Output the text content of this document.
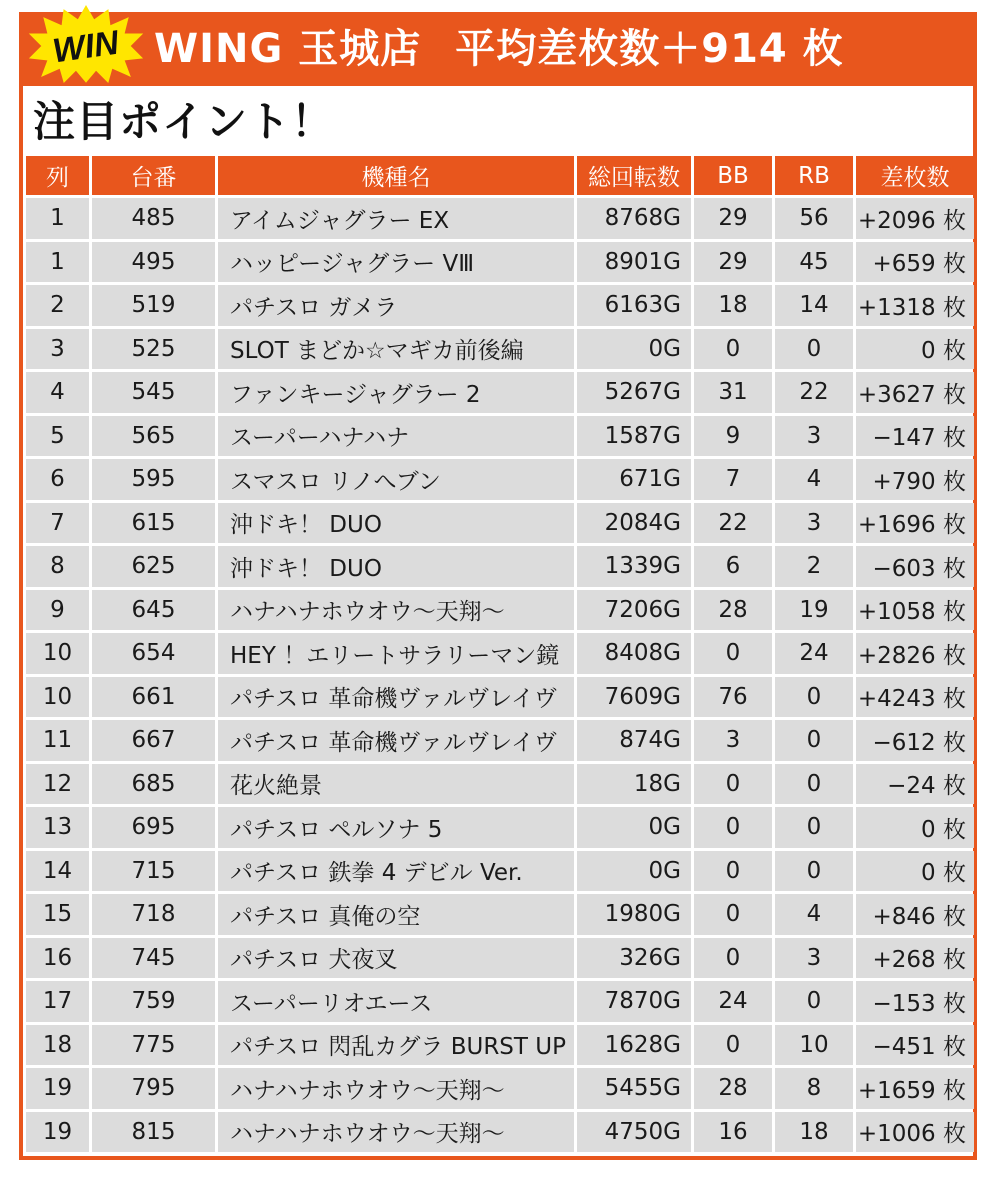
WING 玉城店 平均差枚数＋914 枚
WIN
注目ポイント！
列	台番	機種名	総回転数	BB	RB	差枚数
1	485	アイムジャグラー EX	8768G	29	56	+2096 枚
1	495	ハッピージャグラー VⅢ	8901G	29	45	+659 枚
2	519	パチスロ ガメラ	6163G	18	14	+1318 枚
3	525	SLOT まどか☆マギカ前後編	0G	0	0	0 枚
4	545	ファンキージャグラー 2	5267G	31	22	+3627 枚
5	565	スーパーハナハナ	1587G	9	3	−147 枚
6	595	スマスロ リノへブン	671G	7	4	+790 枚
7	615	沖ドキ！ DUO	2084G	22	3	+1696 枚
8	625	沖ドキ！ DUO	1339G	6	2	−603 枚
9	645	ハナハナホウオウ〜天翔〜	7206G	28	19	+1058 枚
10	654	HEY ！エリートサラリーマン鏡	8408G	0	24	+2826 枚
10	661	パチスロ 革命機ヴァルヴレイヴ	7609G	76	0	+4243 枚
11	667	パチスロ 革命機ヴァルヴレイヴ	874G	3	0	−612 枚
12	685	花火絶景	18G	0	0	−24 枚
13	695	パチスロ ペルソナ 5	0G	0	0	0 枚
14	715	パチスロ 鉄拳 4 デビル Ver.	0G	0	0	0 枚
15	718	パチスロ 真俺の空	1980G	0	4	+846 枚
16	745	パチスロ 犬夜叉	326G	0	3	+268 枚
17	759	スーパーリオエース	7870G	24	0	−153 枚
18	775	パチスロ 閃乱カグラ BURST UP	1628G	0	10	−451 枚
19	795	ハナハナホウオウ〜天翔〜	5455G	28	8	+1659 枚
19	815	ハナハナホウオウ〜天翔〜	4750G	16	18	+1006 枚
